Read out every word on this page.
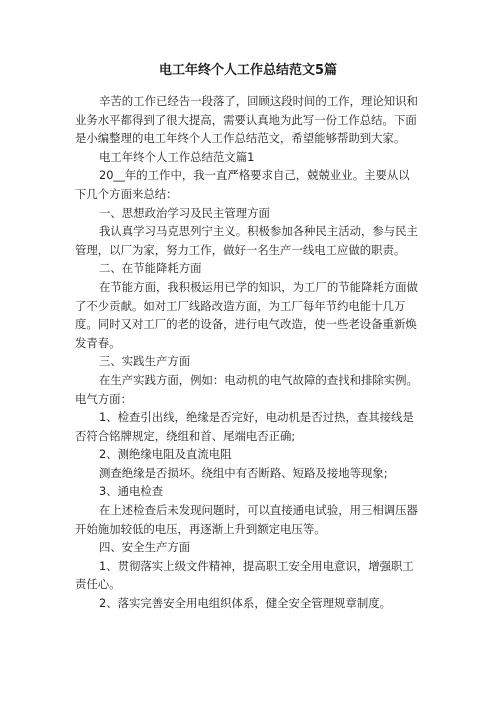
电工年终个人工作总结范文5篇

辛苦的工作已经告一段落了，回顾这段时间的工作，理论知识和业务水平都得到了很大提高，需要认真地为此写一份工作总结。下面是小编整理的电工年终个人工作总结范文，希望能够帮助到大家。

电工年终个人工作总结范文篇1

20__年的工作中，我一直严格要求自己，兢兢业业。主要从以下几个方面来总结：

一、思想政治学习及民主管理方面

我认真学习马克思列宁主义。积极参加各种民主活动，参与民主管理，以厂为家，努力工作，做好一名生产一线电工应做的职责。

二、在节能降耗方面

在节能方面，我积极运用已学的知识，为工厂的节能降耗方面做了不少贡献。如对工厂线路改造方面，为工厂每年节约电能十几万度。同时又对工厂的老的设备，进行电气改造，使一些老设备重新焕发青春。

三、实践生产方面

在生产实践方面，例如：电动机的电气故障的查找和排除实例。电气方面：

1、检查引出线，绝缘是否完好，电动机是否过热，查其接线是否符合铭牌规定，绕组和首、尾端电否正确;

2、测绝缘电阻及直流电阻

测查绝缘是否损坏。绕组中有否断路、短路及接地等现象;

3、通电检查

在上述检查后未发现问题时，可以直接通电试验，用三相调压器开始施加较低的电压，再逐渐上升到额定电压等。

四、安全生产方面

1、贯彻落实上级文件精神，提高职工安全用电意识，增强职工责任心。

2、落实完善安全用电组织体系，健全安全管理规章制度。
